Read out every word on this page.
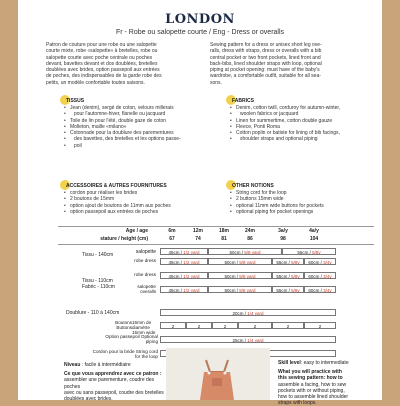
LONDON
Fr - Robe ou salopette courte / Eng - Dress or overalls
Patron de couture pour une robe ou une salopette
courte mixte, robe «salopette» à bretelles, robe ou
salopette courte avec poche centrale ou poches
devant, bavettes devant et dos doublées, bretelles
doublées avec brides, option passepoil aux entrées
de poches, des indispensables de la garde robe des
petits, un modèle confortable toutes saisons.
Sewing pattern for a dress or unisex short leg ove-
ralls, dress with straps, dress or overalls with a bib
central pocket or two front pockets, lined front and
back-bibs, lined shoulder straps with loop, optional
piping at pocket opening: must have of the baby's
wardrobe, a comfortable outfit, suitable for all sea-
sons.
TISSUS
• Jean (denim), sergé de coton, velours millerais
• pour l'automne-hiver, flanelle ou jacquard
• Toile de lin pour l'été, double gaze de coton
• Molleton, maille «milano»
• Cotonnade pour la doublure des parementures
• des bavettes, des bretelles et les options passe-
• poil
FABRICS
• Denim, cotton twill, corduroy for autumn-winter,
• woolen fabrics or jacquard
• Linen for summertime, cotton double gauze
• Fleece, Ponti Roma
• Cotton poplin or batiste for lining of bib facings,
• shoulder straps and optional piping
ACCESSOIRES & AUTRES FOURNITURES
• cordon pour réaliser les brides
• 2 boutons de 15mm
• option ajout de boutons de 11mm aux poches
• option passepoil aux entrées de poches
OTHER NOTIONS
• String cord for the loop
• 2 buttons 15mm wide
• optional 11mm wide buttons for pockets
• optional piping for pocket openings
Age / age
stature / height (cm)
6m	12m	18m	24m	3a/y	4a/y
67	74	81	86	98	104
Tissu - 140cm	salopette	45cm / 1/2 yard	50cm / 5/8 yard	55cm / 5/8y
robe dress	45cm / 1/2 yard	50cm / 5/8 yard	55cm / 5/8y	60cm / 3/4y
Tissu - 110cm Fabric - 110cm
robe dress	45cm / 1/2 yard	50cm / 5/8 yard	55cm / 5/8y	60cm / 3/4y
salopette overalls	45cm / 1/2 yard	50cm / 5/8 yard	55cm / 5/8y	60cm / 3/4y
Doublure - 110 à 140cm	20cm / 1/4 yard
Boutons Buttons
15mm de diamètre 15mm wide
2	2	2	2	2	2
Option passepoil Optional piping	25cm / 1/4 yard
Cordon pour la bride String cord for the loop
Niveau : facile à intermédiaire
Ce que vous apprendrez avec ce patron :
assembler une parementure, coudre des poches
avec ou sans passepoil, coudre des bretelles
doublées avec brides.
Skill level: easy to intermediate
What you will practice with
this sewing pattern: how to
assemble a facing, how to sew
pockets with or without piping,
how to assemble lined shoulder
straps with loops.
